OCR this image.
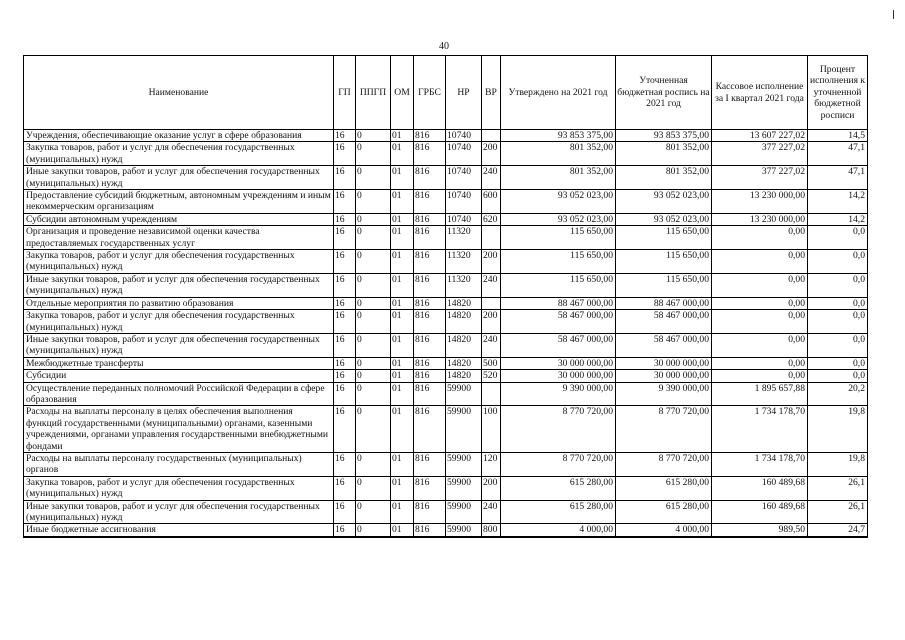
40
Наименование	ГП	ППГП	ОМ	ГРБС	НР	ВР	Утверждено на 2021 год	Уточненная бюджетная роспись на 2021 год	Кассовое исполнение за I квартал 2021 года	Процент исполнения к уточненной бюджетной росписи
Учреждения, обеспечивающие оказание услуг в сфере образования	16	0	01	816	10740		93 853 375,00	93 853 375,00	13 607 227,02	14,5
Закупка товаров, работ и услуг для обеспечения государственных (муниципальных) нужд	16	0	01	816	10740	200	801 352,00	801 352,00	377 227,02	47,1
Иные закупки товаров, работ и услуг для обеспечения государственных (муниципальных) нужд	16	0	01	816	10740	240	801 352,00	801 352,00	377 227,02	47,1
Предоставление субсидий бюджетным, автономным учреждениям и иным некоммерческим организациям	16	0	01	816	10740	600	93 052 023,00	93 052 023,00	13 230 000,00	14,2
Субсидии автономным учреждениям	16	0	01	816	10740	620	93 052 023,00	93 052 023,00	13 230 000,00	14,2
Организация и проведение независимой оценки качества предоставляемых государственных услуг	16	0	01	816	11320		115 650,00	115 650,00	0,00	0,0
Закупка товаров, работ и услуг для обеспечения государственных (муниципальных) нужд	16	0	01	816	11320	200	115 650,00	115 650,00	0,00	0,0
Иные закупки товаров, работ и услуг для обеспечения государственных (муниципальных) нужд	16	0	01	816	11320	240	115 650,00	115 650,00	0,00	0,0
Отдельные мероприятия по развитию образования	16	0	01	816	14820		88 467 000,00	88 467 000,00	0,00	0,0
Закупка товаров, работ и услуг для обеспечения государственных (муниципальных) нужд	16	0	01	816	14820	200	58 467 000,00	58 467 000,00	0,00	0,0
Иные закупки товаров, работ и услуг для обеспечения государственных (муниципальных) нужд	16	0	01	816	14820	240	58 467 000,00	58 467 000,00	0,00	0,0
Межбюджетные трансферты	16	0	01	816	14820	500	30 000 000,00	30 000 000,00	0,00	0,0
Субсидии	16	0	01	816	14820	520	30 000 000,00	30 000 000,00	0,00	0,0
Осуществление переданных полномочий Российской Федерации в сфере образования	16	0	01	816	59900		9 390 000,00	9 390 000,00	1 895 657,88	20,2
Расходы на выплаты персоналу в целях обеспечения выполнения функций государственными (муниципальными) органами, казенными учреждениями, органами управления государственными внебюджетными фондами	16	0	01	816	59900	100	8 770 720,00	8 770 720,00	1 734 178,70	19,8
Расходы на выплаты персоналу государственных (муниципальных) органов	16	0	01	816	59900	120	8 770 720,00	8 770 720,00	1 734 178,70	19,8
Закупка товаров, работ и услуг для обеспечения государственных (муниципальных) нужд	16	0	01	816	59900	200	615 280,00	615 280,00	160 489,68	26,1
Иные закупки товаров, работ и услуг для обеспечения государственных (муниципальных) нужд	16	0	01	816	59900	240	615 280,00	615 280,00	160 489,68	26,1
Иные бюджетные ассигнования	16	0	01	816	59900	800	4 000,00	4 000,00	989,50	24,7
